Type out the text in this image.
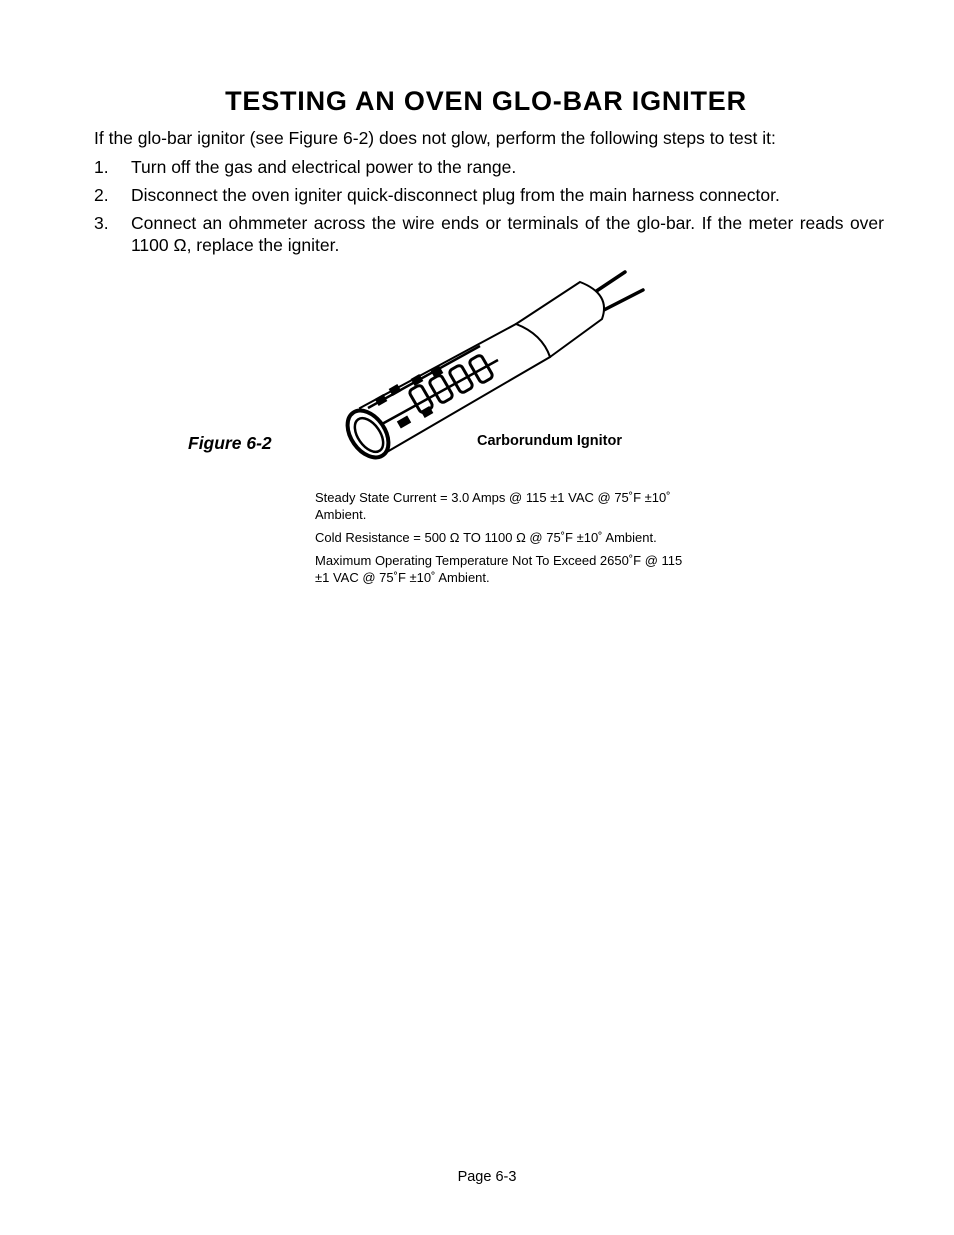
TESTING AN OVEN GLO-BAR IGNITER

If the glo-bar ignitor (see Figure 6-2) does not glow, perform the following steps to test it:

1. Turn off the gas and electrical power to the range.
2. Disconnect the oven igniter quick-disconnect plug from the main harness connector.
3. Connect an ohmmeter across the wire ends or terminals of the glo-bar. If the meter reads over 1100 Ω, replace the igniter.
Figure 6-2	Carborundum Ignitor

Steady State Current = 3.0 Amps @ 115 ±1 VAC @ 75˚F ±10˚ Ambient.

Cold Resistance = 500 Ω TO 1100 Ω @ 75˚F ±10˚ Ambient.

Maximum Operating Temperature Not To Exceed 2650˚F @ 115 ±1 VAC @ 75˚F ±10˚ Ambient.

Page 6-3
